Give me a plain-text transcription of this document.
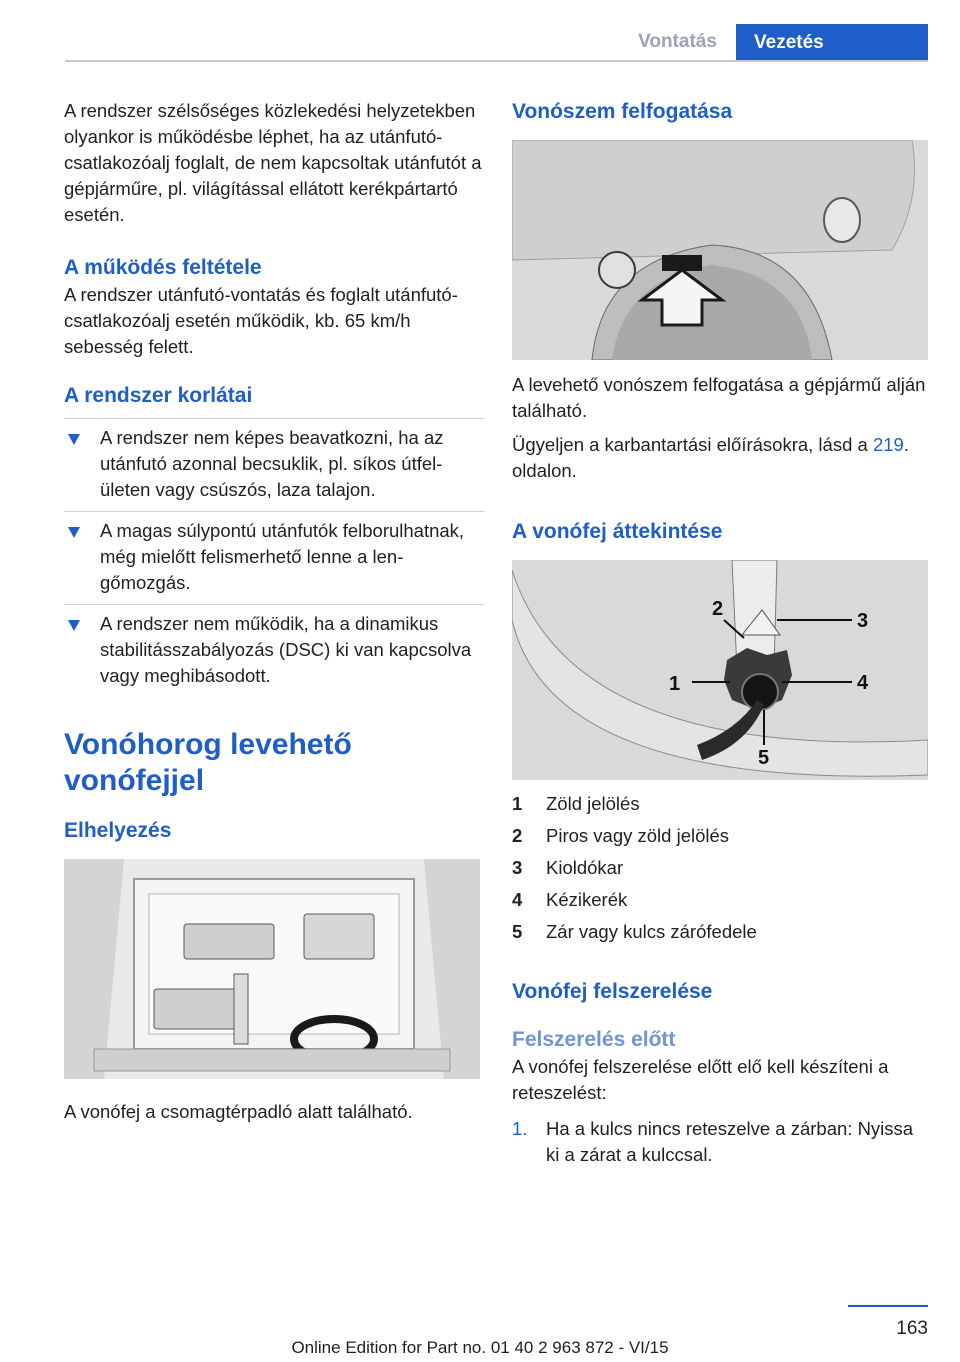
Vontatás	Vezetés

A rendszer szélsőséges közlekedési helyzetekben olyankor is működésbe léphet, ha az utánfutó-csatlakozóalj foglalt, de nem kapcsoltak utánfutót a gépjárműre, pl. világítással ellátott kerékpártartó esetén.

A működés feltétele

A rendszer utánfutó-vontatás és foglalt utánfutó-csatlakozóalj esetén működik, kb. 65 km/h sebesség felett.

A rendszer korlátai
A rendszer nem képes beavatkozni, ha az utánfutó azonnal becsuklik, pl. síkos útfelületen vagy csúszós, laza talajon.
A magas súlypontú utánfutók felborulhatnak, még mielőtt felismerhető lenne a lengőmozgás.
A rendszer nem működik, ha a dinamikus stabilitásszabályozás (DSC) ki van kapcsolva vagy meghibásodott.
Vonóhorog levehető vonófejjel
Elhelyezés

A vonófej a csomagtérpadló alatt található.

Vonószem felfogatása

A levehető vonószem felfogatása a gépjármű alján található.

Ügyeljen a karbantartási előírásokra, lásd a 219. oldalon.

A vonófej áttekintése
2
3
1	4
5
1 Zöld jelölés
2 Piros vagy zöld jelölés
3 Kioldókar
4 Kézikerék
5 Zár vagy kulcs zárófedele
Vonófej felszerelése
Felszerelés előtt

A vonófej felszerelése előtt elő kell készíteni a reteszelést:

1. Ha a kulcs nincs reteszelve a zárban: Nyissa ki a zárat a kulccsal.
163
Online Edition for Part no. 01 40 2 963 872 - VI/15
